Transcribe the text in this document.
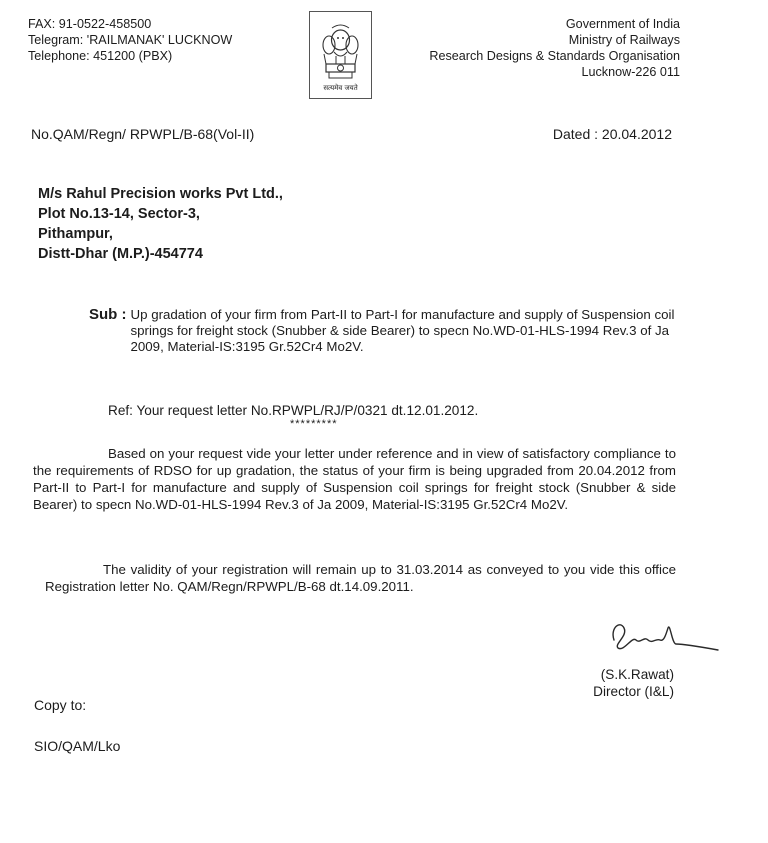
FAX: 91-0522-458500
Telegram: 'RAILMANAK' LUCKNOW
Telephone: 451200 (PBX)
सत्यमेव जयते
Government of India
Ministry of Railways
Research Designs & Standards Organisation
Lucknow-226 011
No.QAM/Regn/ RPWPL/B-68(Vol-II)	Dated : 20.04.2012
M/s Rahul Precision works Pvt Ltd.,
Plot No.13-14, Sector-3,
Pithampur,
Distt-Dhar (M.P.)-454774
Sub : Up gradation of your firm from Part-II to Part-I for manufacture and supply of Suspension coil springs for freight stock (Snubber & side Bearer) to specn No.WD-01-HLS-1994 Rev.3 of Ja 2009, Material-IS:3195 Gr.52Cr4 Mo2V.
Ref: Your request letter No.RPWPL/RJ/P/0321 dt.12.01.2012.
*********
Based on your request vide your letter under reference and in view of satisfactory compliance to the requirements of RDSO for up gradation, the status of your firm is being upgraded from 20.04.2012 from Part-II to Part-I for manufacture and supply of Suspension coil springs for freight stock (Snubber & side Bearer) to specn No.WD-01-HLS-1994 Rev.3 of Ja 2009, Material-IS:3195 Gr.52Cr4 Mo2V.
The validity of your registration will remain up to 31.03.2014 as conveyed to you vide this office Registration letter No. QAM/Regn/RPWPL/B-68 dt.14.09.2011.
(S.K.Rawat)
Director (I&L)
Copy to:
SIO/QAM/Lko
